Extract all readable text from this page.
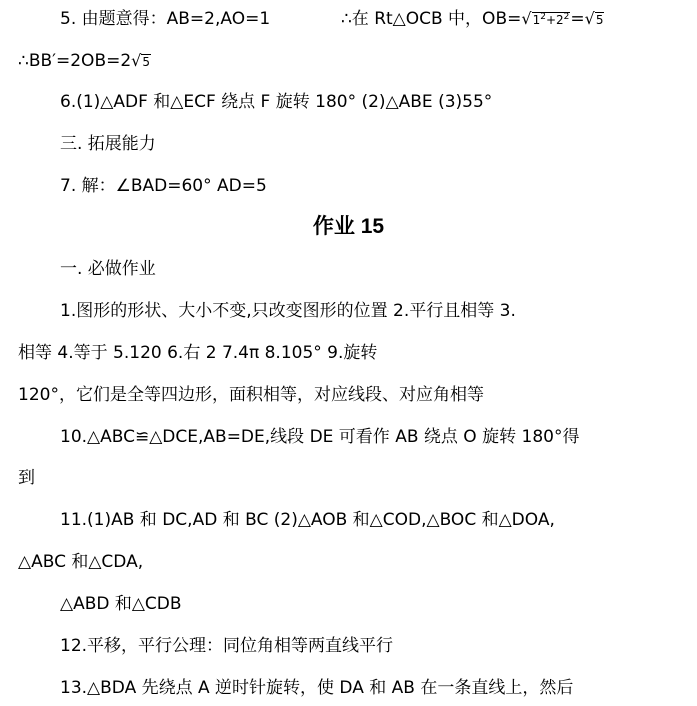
5. 由题意得：AB=2,AO=1	∴在 Rt△OCB 中，$OB=√1^2+2^2=√5$
∴BB′=2OB=2√5
6.(1)△ADF 和△ECF 绕点 F 旋转 180° (2)△ABE (3)55°
三. 拓展能力
7. 解：∠BAD=60° AD=5
作业 15
一. 必做作业
1.图形的形状、大小不变,只改变图形的位置 2.平行且相等 3.
相等 4.等于 5.120 6.右 2 7.4π 8.105° 9.旋转
120°，它们是全等四边形，面积相等，对应线段、对应角相等
10.△ABC≌△DCE,AB=DE,线段 DE 可看作 AB 绕点 O 旋转 180°得
到
11.(1)AB 和 DC,AD 和 BC (2)△AOB 和△COD,△BOC 和△DOA,
△ABC 和△CDA,
△ABD 和△CDB
12.平移，平行公理：同位角相等两直线平行
13.△BDA 先绕点 A 逆时针旋转，使 DA 和 AB 在一条直线上，然后
